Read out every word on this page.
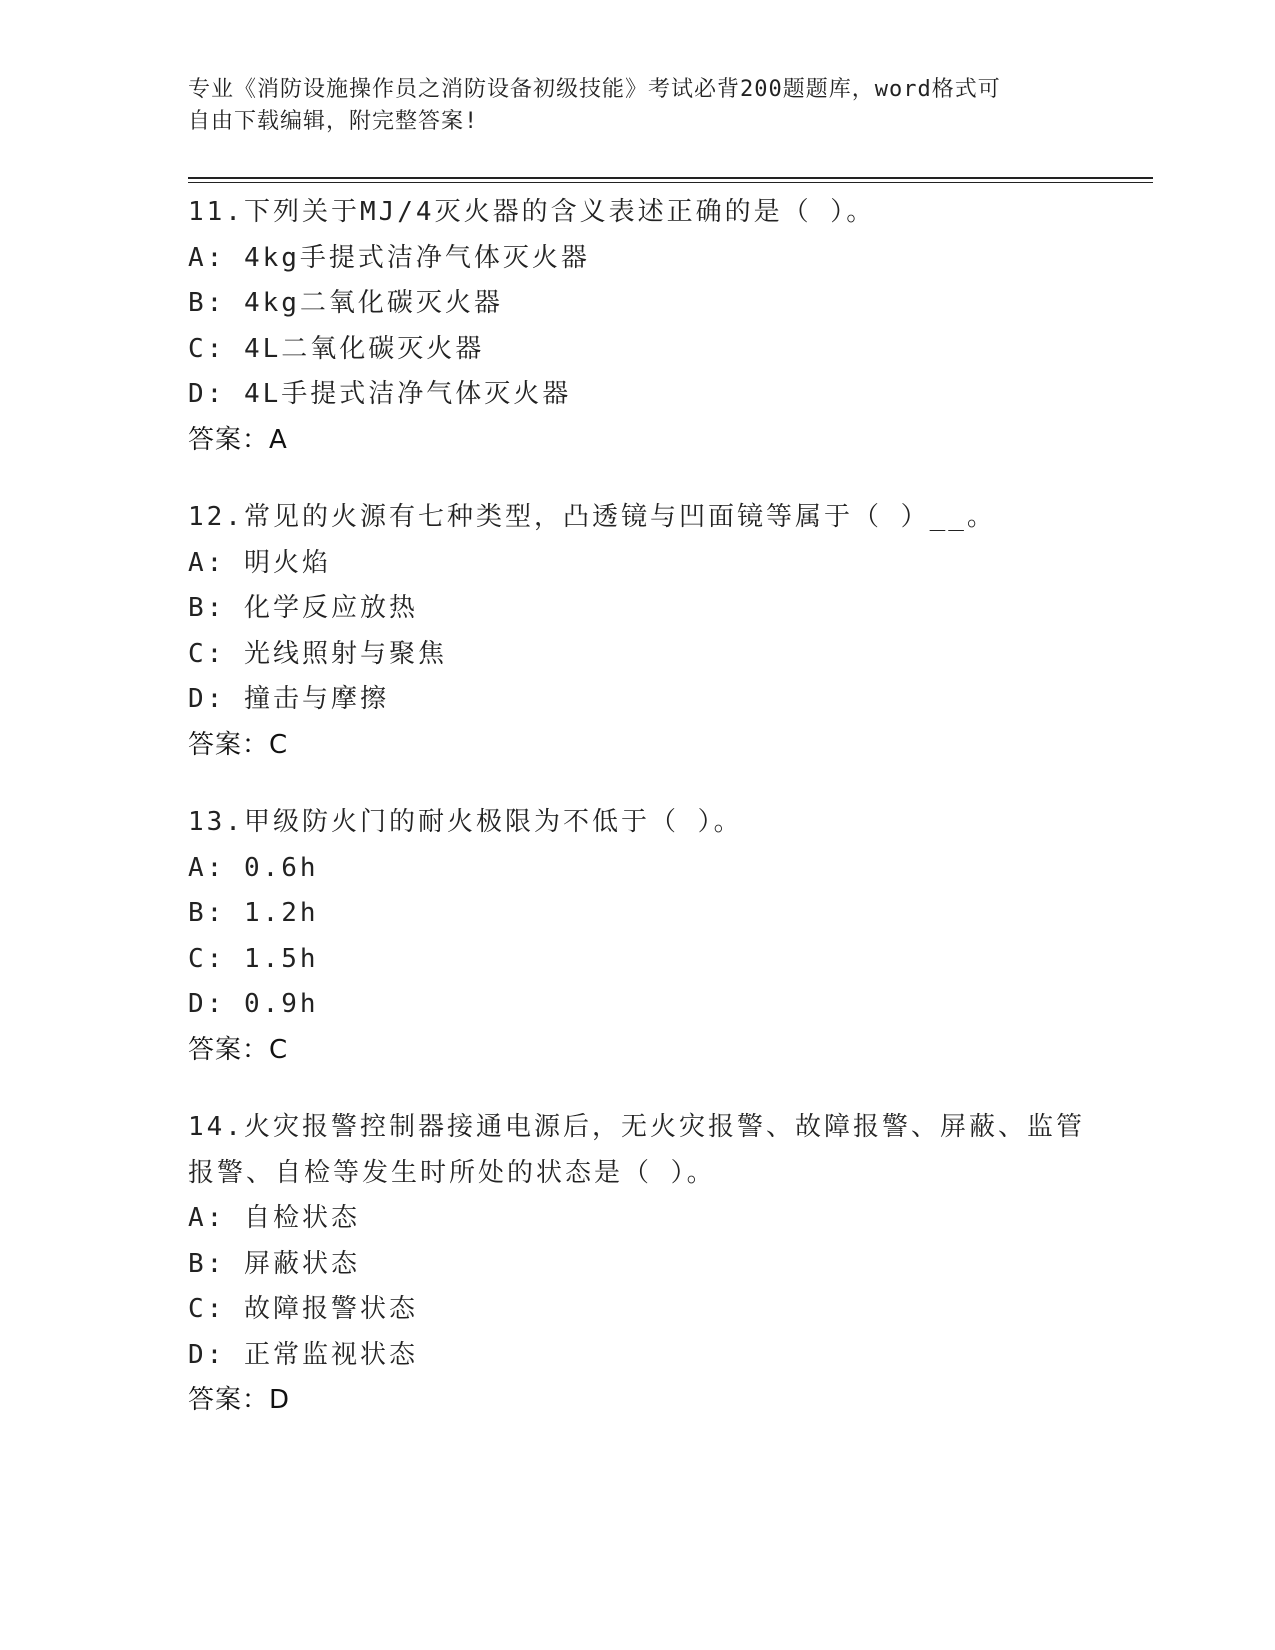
专业《消防设施操作员之消防设备初级技能》考试必背200题题库，word格式可
自由下载编辑，附完整答案!
11.下列关于MJ/4灭火器的含义表述正确的是（ ）。
A: 4kg手提式洁净气体灭火器
B: 4kg二氧化碳灭火器
C: 4L二氧化碳灭火器
D: 4L手提式洁净气体灭火器
答案：A
12.常见的火源有七种类型，凸透镜与凹面镜等属于（ ）__。
A: 明火焰
B: 化学反应放热
C: 光线照射与聚焦
D: 撞击与摩擦
答案：C
13.甲级防火门的耐火极限为不低于（ ）。
A: 0.6h
B: 1.2h
C: 1.5h
D: 0.9h
答案：C
14.火灾报警控制器接通电源后，无火灾报警、故障报警、屏蔽、监管
报警、自检等发生时所处的状态是（ ）。
A: 自检状态
B: 屏蔽状态
C: 故障报警状态
D: 正常监视状态
答案：D
